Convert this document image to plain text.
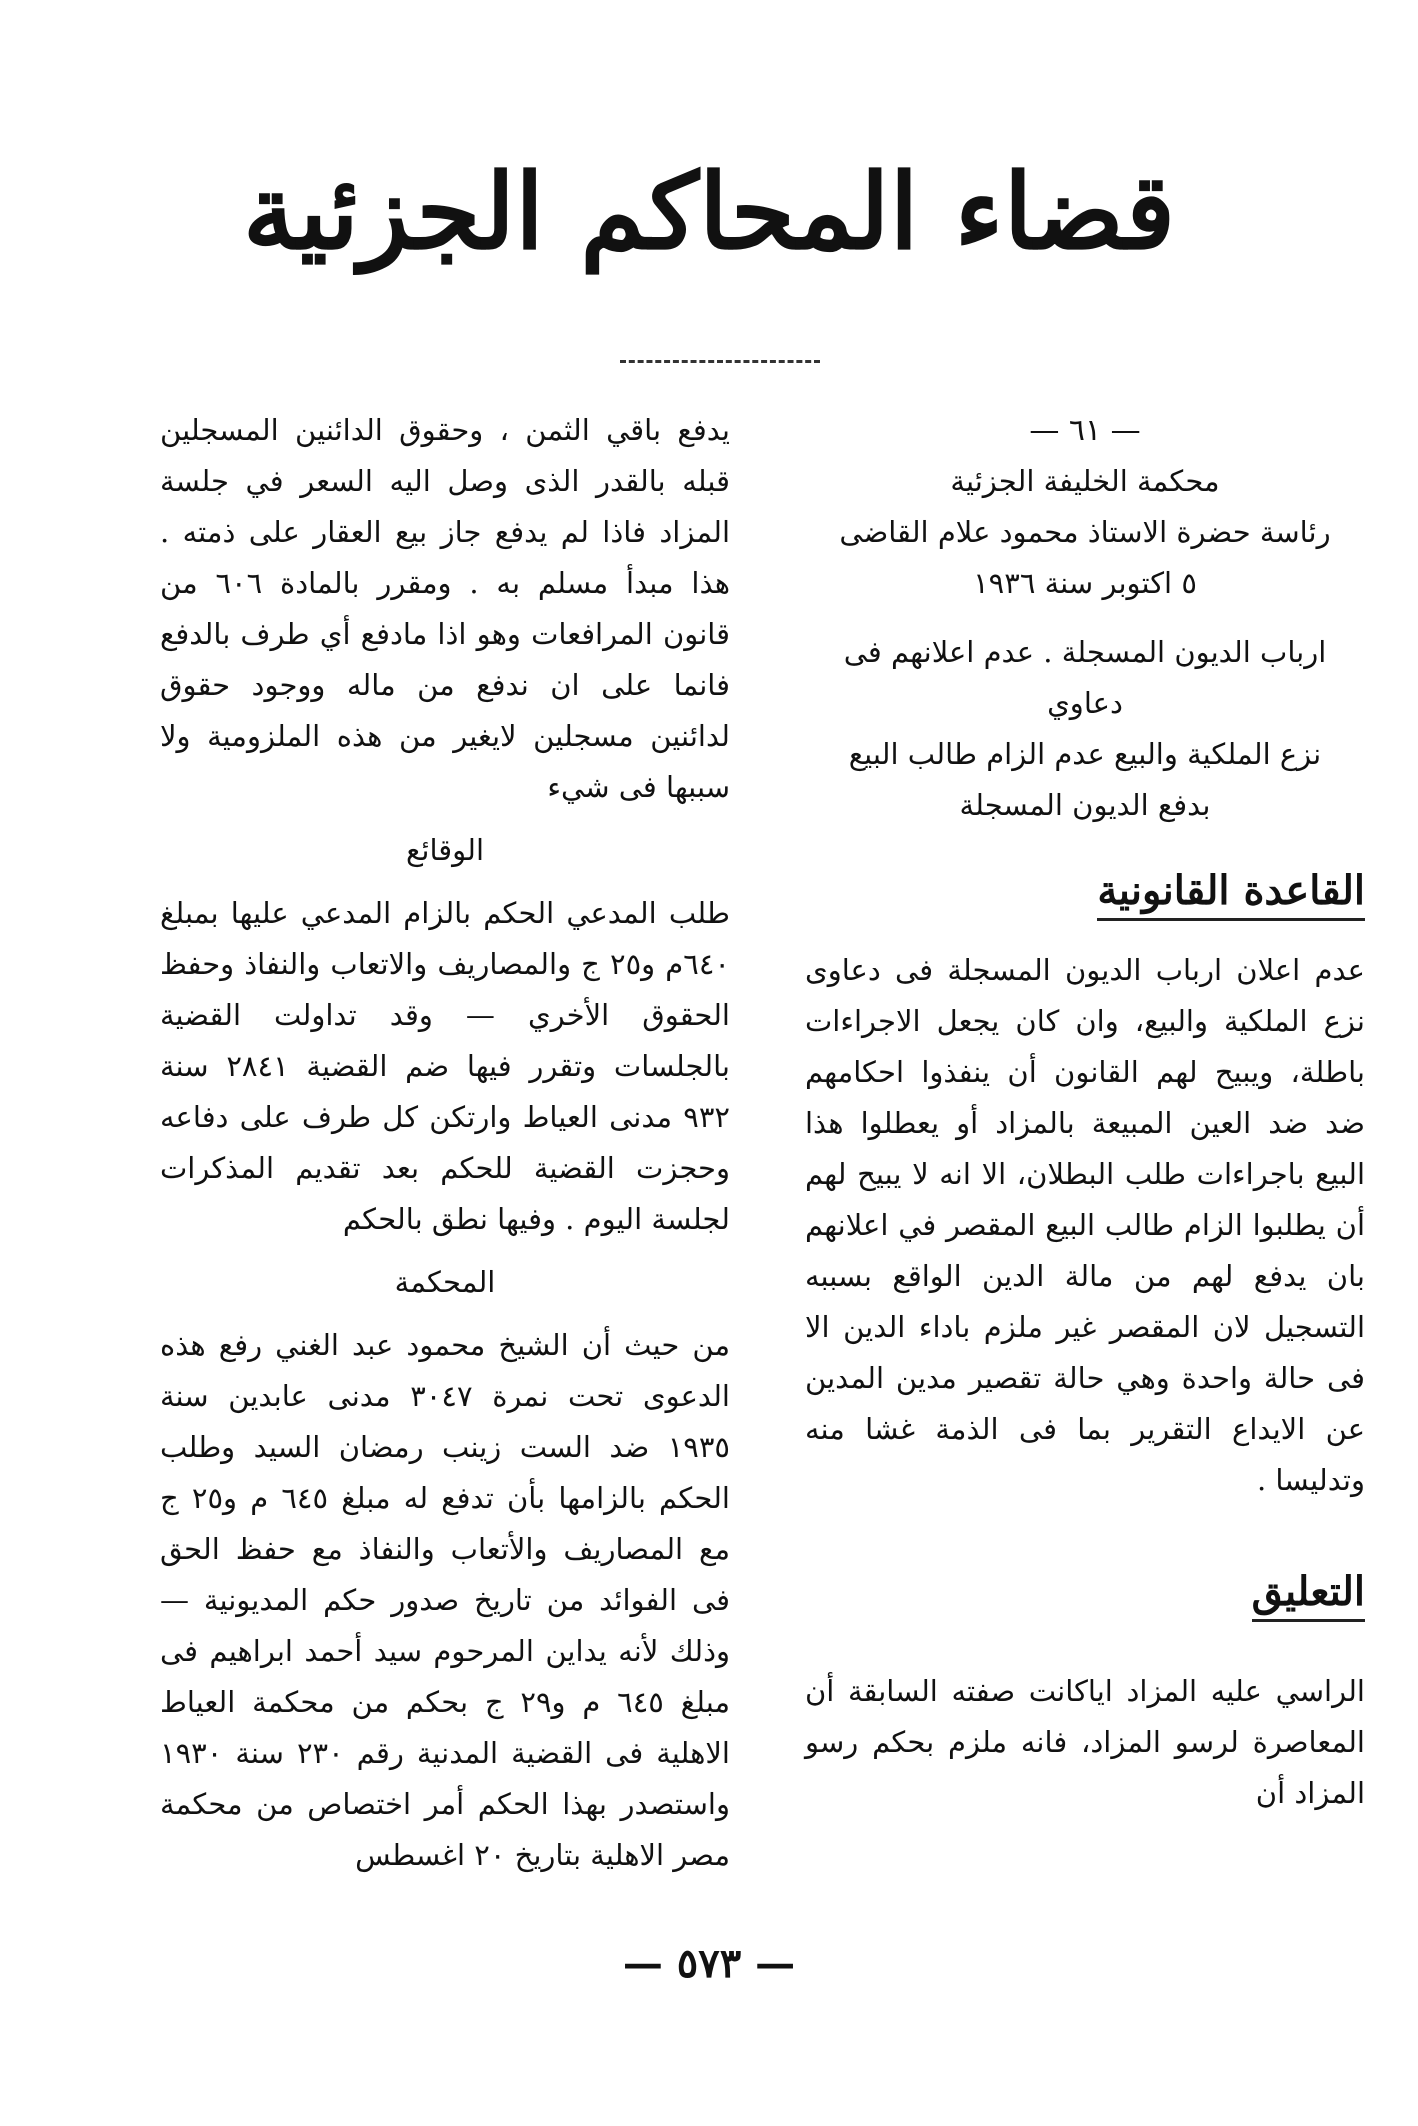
قضاء المحاكم الجزئية
— ٦١ —
محكمة الخليفة الجزئية
رئاسة حضرة الاستاذ محمود علام القاضى
٥ اكتوبر سنة ١٩٣٦
ارباب الديون المسجلة . عدم اعلانهم فى دعاوي
نزع الملكية والبيع عدم الزام طالب البيع
بدفع الديون المسجلة
القاعدة القانونية

عدم اعلان ارباب الديون المسجلة فى دعاوى نزع الملكية والبيع، وان كان يجعل الاجراءات باطلة، ويبيح لهم القانون أن ينفذوا احكامهم ضد ضد العين المبيعة بالمزاد أو يعطلوا هذا البيع باجراءات طلب البطلان، الا انه لا يبيح لهم أن يطلبوا الزام طالب البيع المقصر في اعلانهم بان يدفع لهم من مالة الدين الواقع بسببه التسجيل لان المقصر غير ملزم باداء الدين الا فى حالة واحدة وهي حالة تقصير مدين المدين عن الايداع التقرير بما فى الذمة غشا منه وتدليسا .

التعليق

الراسي عليه المزاد اياكانت صفته السابقة أن المعاصرة لرسو المزاد، فانه ملزم بحكم رسو المزاد أن

يدفع باقي الثمن ، وحقوق الدائنين المسجلين قبله بالقدر الذى وصل اليه السعر في جلسة المزاد فاذا لم يدفع جاز بيع العقار على ذمته . هذا مبدأ مسلم به . ومقرر بالمادة ٦٠٦ من قانون المرافعات وهو اذا مادفع أي طرف بالدفع فانما على ان ندفع من ماله ووجود حقوق لدائنين مسجلين لايغير من هذه الملزومية ولا سببها فى شيء

الوقائع

طلب المدعي الحكم بالزام المدعي عليها بمبلغ ٦٤٠م و٢٥ ج والمصاريف والاتعاب والنفاذ وحفظ الحقوق الأخري — وقد تداولت القضية بالجلسات وتقرر فيها ضم القضية ٢٨٤١ سنة ٩٣٢ مدنى العياط وارتكن كل طرف على دفاعه وحجزت القضية للحكم بعد تقديم المذكرات لجلسة اليوم . وفيها نطق بالحكم

المحكمة

من حيث أن الشيخ محمود عبد الغني رفع هذه الدعوى تحت نمرة ٣٠٤٧ مدنى عابدين سنة ١٩٣٥ ضد الست زينب رمضان السيد وطلب الحكم بالزامها بأن تدفع له مبلغ ٦٤٥ م و٢٥ ج مع المصاريف والأتعاب والنفاذ مع حفظ الحق فى الفوائد من تاريخ صدور حكم المديونية — وذلك لأنه يداين المرحوم سيد أحمد ابراهيم فى مبلغ ٦٤٥ م و٢٩ ج بحكم من محكمة العياط الاهلية فى القضية المدنية رقم ٢٣٠ سنة ١٩٣٠ واستصدر بهذا الحكم أمر اختصاص من محكمة مصر الاهلية بتاريخ ٢٠ اغسطس

— ٥٧٣ —
